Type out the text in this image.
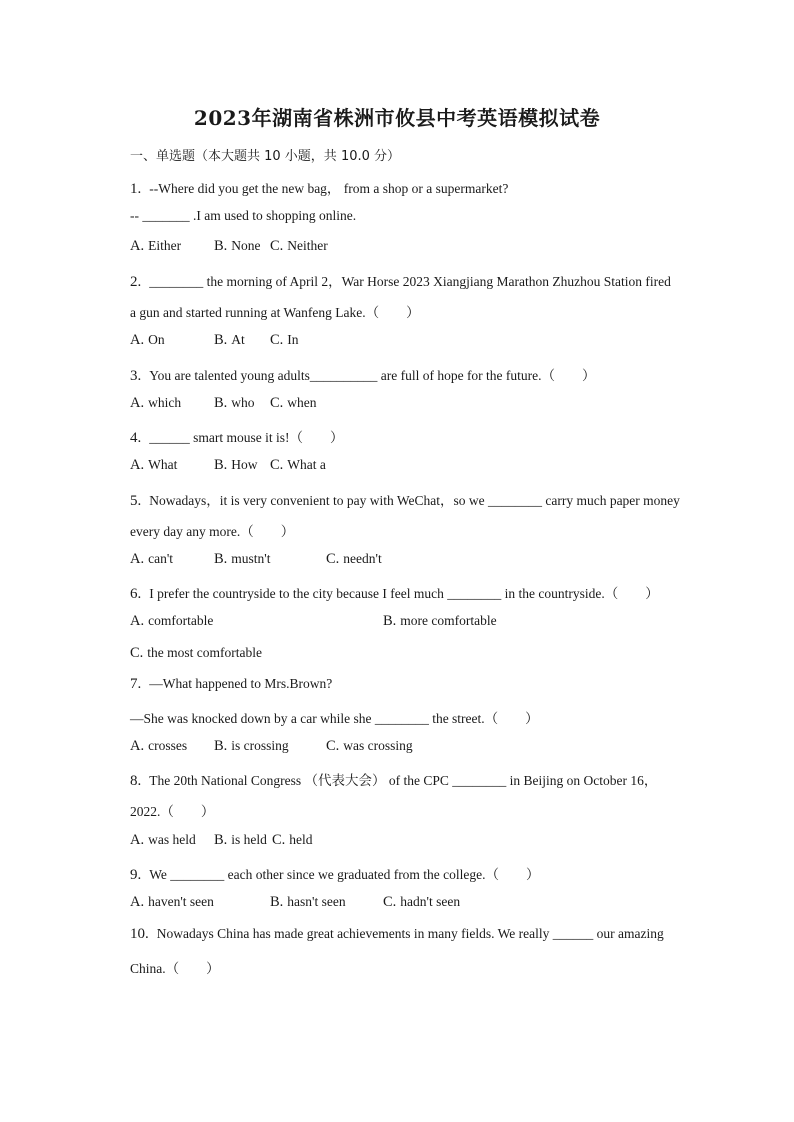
2023年湖南省株洲市攸县中考英语模拟试卷
一、单选题（本大题共 10 小题，共 10.0 分）
1. --Where did you get the new bag， from a shop or a supermarket?
-- _______ .I am used to shopping online.
A. Either B. None C. Neither
2. ________ the morning of April 2，War Horse 2023 Xiangjiang Marathon Zhuzhou Station fired
a gun and started running at Wanfeng Lake.（　　）
A. On	B. At C. In
3. You are talented young adults__________ are full of hope for the future.（　　）
A. which B. who C. when
4. ______ smart mouse it is!（　　）
A. What	B. How C. What a
5. Nowadays，it is very convenient to pay with WeChat，so we ________ carry much paper money
every day any more.（　　）
A. can't	B. mustn't	C. needn't
6. I prefer the countryside to the city because I feel much ________ in the countryside.（　　）
A. comfortable	B. more comfortable
C. the most comfortable
7. —What happened to Mrs.Brown?
—She was knocked down by a car while she ________ the street.（　　）
A. crosses B. is crossing	C. was crossing
8. The 20th National Congress （代表大会） of the CPC ________ in Beijing on October 16，
2022.（　　）
A. was held B. is held C. held
9. We ________ each other since we graduated from the college.（　　）
A. haven't seen	B. hasn't seen	C. hadn't seen
10. Nowadays China has made great achievements in many fields. We really ______ our amazing
China.（　　）
